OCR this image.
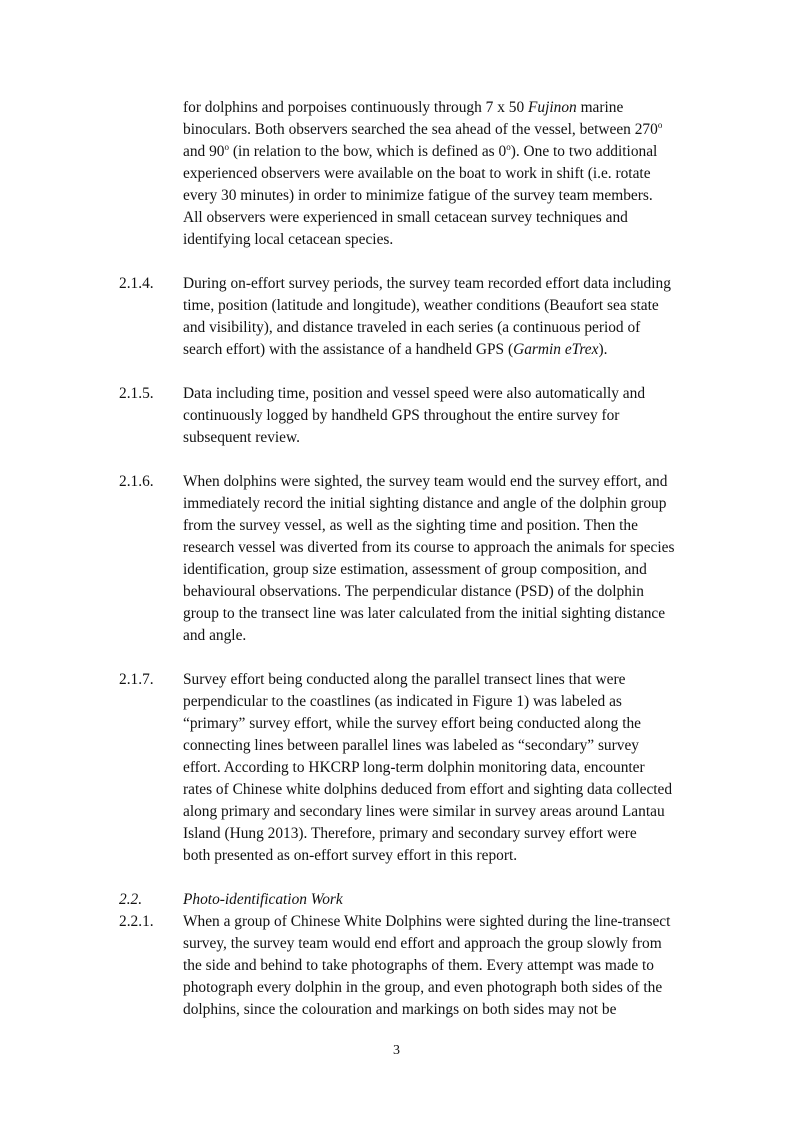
for dolphins and porpoises continuously through 7 x 50 Fujinon marine
binoculars. Both observers searched the sea ahead of the vessel, between 270$^o$
and 90$^o$ (in relation to the bow, which is defined as 0$^o$). One to two additional
experienced observers were available on the boat to work in shift (i.e. rotate
every 30 minutes) in order to minimize fatigue of the survey team members.
All observers were experienced in small cetacean survey techniques and
identifying local cetacean species.
2.1.4.	During on-effort survey periods, the survey team recorded effort data including
time, position (latitude and longitude), weather conditions (Beaufort sea state
and visibility), and distance traveled in each series (a continuous period of
search effort) with the assistance of a handheld GPS (Garmin eTrex).
2.1.5.	Data including time, position and vessel speed were also automatically and
continuously logged by handheld GPS throughout the entire survey for
subsequent review.
2.1.6.	When dolphins were sighted, the survey team would end the survey effort, and
immediately record the initial sighting distance and angle of the dolphin group
from the survey vessel, as well as the sighting time and position. Then the
research vessel was diverted from its course to approach the animals for species
identification, group size estimation, assessment of group composition, and
behavioural observations. The perpendicular distance (PSD) of the dolphin
group to the transect line was later calculated from the initial sighting distance
and angle.
2.1.7.	Survey effort being conducted along the parallel transect lines that were
perpendicular to the coastlines (as indicated in Figure 1) was labeled as
“primary” survey effort, while the survey effort being conducted along the
connecting lines between parallel lines was labeled as “secondary” survey
effort. According to HKCRP long-term dolphin monitoring data, encounter
rates of Chinese white dolphins deduced from effort and sighting data collected
along primary and secondary lines were similar in survey areas around Lantau
Island (Hung 2013). Therefore, primary and secondary survey effort were
both presented as on-effort survey effort in this report.
2.2.	Photo-identification Work
2.2.1.	When a group of Chinese White Dolphins were sighted during the line-transect
survey, the survey team would end effort and approach the group slowly from
the side and behind to take photographs of them. Every attempt was made to
photograph every dolphin in the group, and even photograph both sides of the
dolphins, since the colouration and markings on both sides may not be
3
